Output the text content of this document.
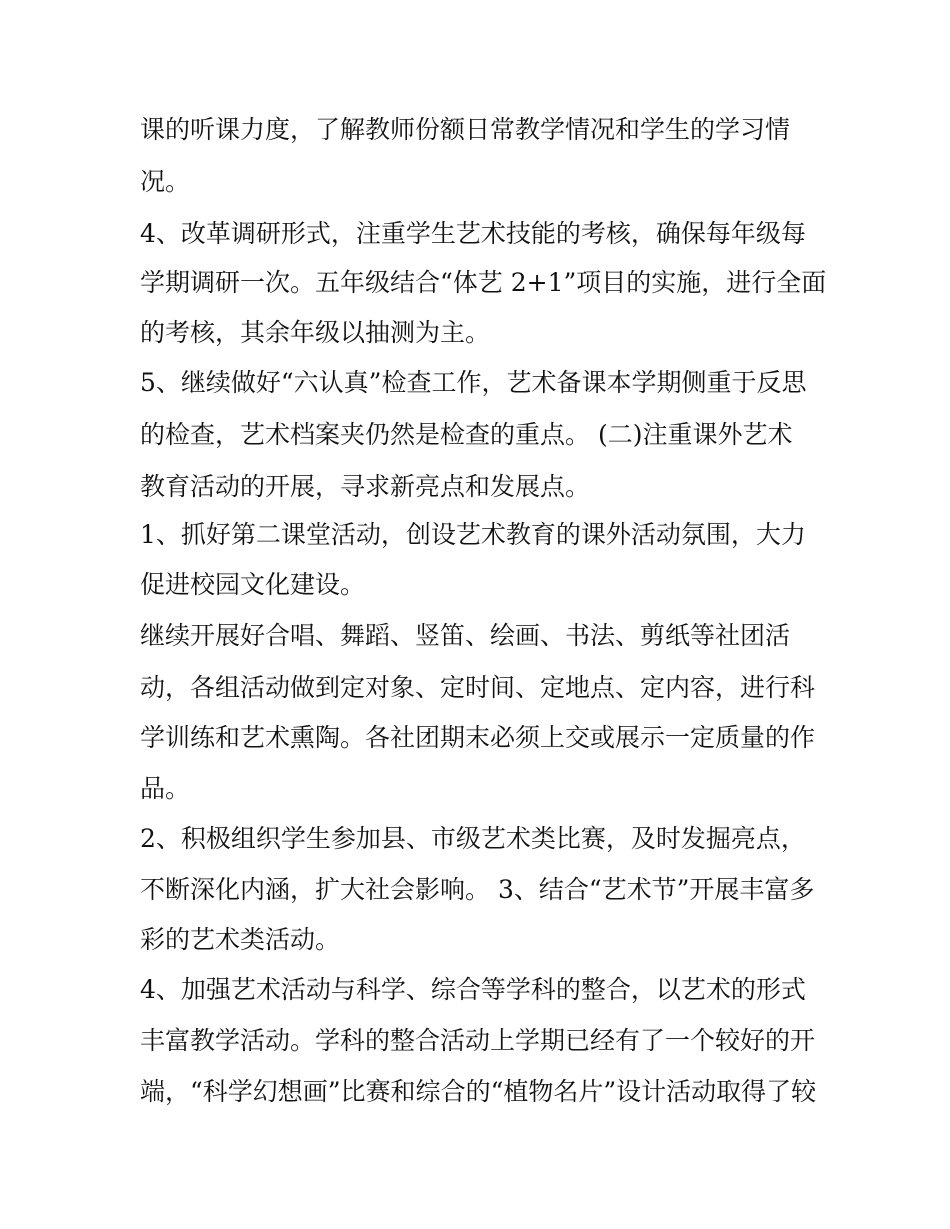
课的听课力度，了解教师份额日常教学情况和学生的学习情
况。
4、改革调研形式，注重学生艺术技能的考核，确保每年级每
学期调研一次。五年级结合“体艺 2+1”项目的实施，进行全面
的考核，其余年级以抽测为主。
5、继续做好“六认真”检查工作，艺术备课本学期侧重于反思
的检查，艺术档案夹仍然是检查的重点。 (二)注重课外艺术
教育活动的开展，寻求新亮点和发展点。
1、抓好第二课堂活动，创设艺术教育的课外活动氛围，大力
促进校园文化建设。
继续开展好合唱、舞蹈、竖笛、绘画、书法、剪纸等社团活
动，各组活动做到定对象、定时间、定地点、定内容，进行科
学训练和艺术熏陶。各社团期末必须上交或展示一定质量的作
品。
2、积极组织学生参加县、市级艺术类比赛，及时发掘亮点，
不断深化内涵，扩大社会影响。 3、结合“艺术节”开展丰富多
彩的艺术类活动。
4、加强艺术活动与科学、综合等学科的整合，以艺术的形式
丰富教学活动。学科的整合活动上学期已经有了一个较好的开
端，“科学幻想画”比赛和综合的“植物名片”设计活动取得了较
